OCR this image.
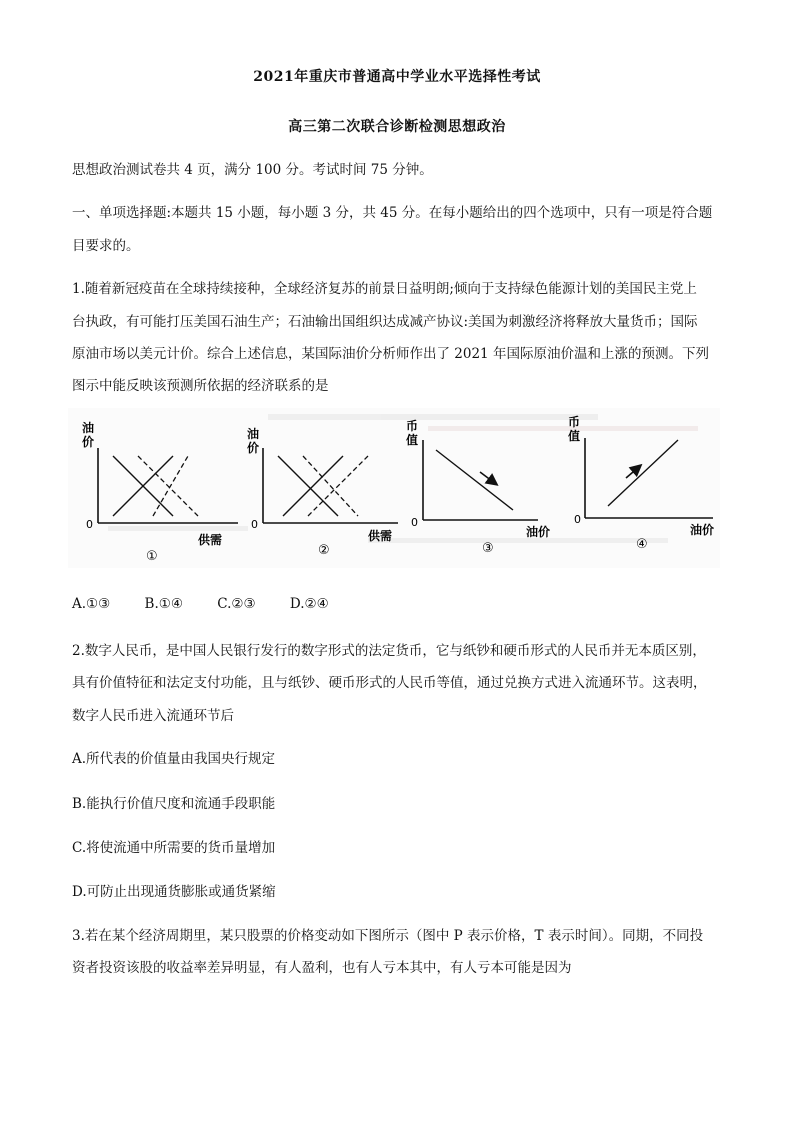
2021年重庆市普通高中学业水平选择性考试
高三第二次联合诊断检测思想政治
思想政治测试卷共 4 页，满分 100 分。考试时间 75 分钟。
一、单项选择题:本题共 15 小题，每小题 3 分，共 45 分。在每小题给出的四个选项中，只有一项是符合题
目要求的。
1.随着新冠疫苗在全球持续接种，全球经济复苏的前景日益明朗;倾向于支持绿色能源计划的美国民主党上
台执政，有可能打压美国石油生产；石油输出国组织达成减产协议:美国为刺激经济将释放大量货币；国际
原油市场以美元计价。综合上述信息，某国际油价分析师作出了 2021 年国际原油价温和上涨的预测。下列
图示中能反映该预测所依据的经济联系的是
油
价
0
供需
①
油
价
0
供需
②
币
值
0
油价
③
币
值
0
油价
④
A.①③	B.①④	C.②③	D.②④
2.数字人民币，是中国人民银行发行的数字形式的法定货币，它与纸钞和硬币形式的人民币并无本质区别，
具有价值特征和法定支付功能，且与纸钞、硬币形式的人民币等值，通过兑换方式进入流通环节。这表明，
数字人民币进入流通环节后
A.所代表的价值量由我国央行规定
B.能执行价值尺度和流通手段职能
C.将使流通中所需要的货币量增加
D.可防止出现通货膨胀或通货紧缩
3.若在某个经济周期里，某只股票的价格变动如下图所示（图中 P 表示价格，T 表示时间）。同期，不同投
资者投资该股的收益率差异明显，有人盈利，也有人亏本其中，有人亏本可能是因为
